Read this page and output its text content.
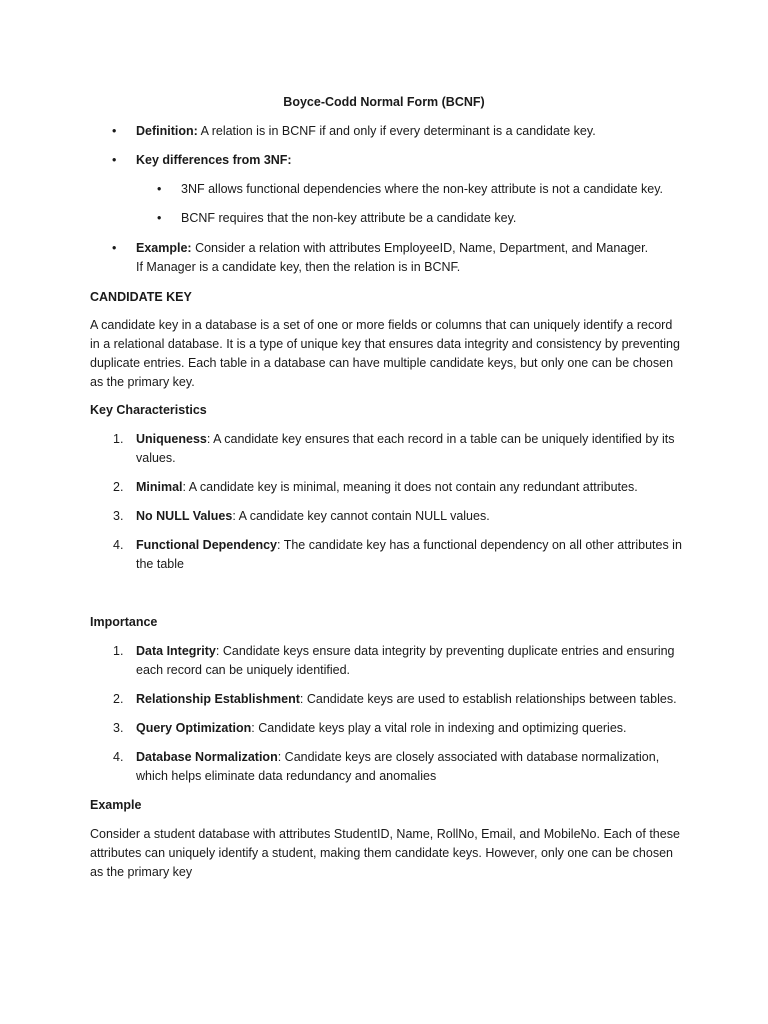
Boyce-Codd Normal Form (BCNF)
• Definition: A relation is in BCNF if and only if every determinant is a candidate key.
• Key differences from 3NF:
• 3NF allows functional dependencies where the non-key attribute is not a candidate key.
• BCNF requires that the non-key attribute be a candidate key.
• Example: Consider a relation with attributes EmployeeID, Name, Department, and Manager.
If Manager is a candidate key, then the relation is in BCNF.
CANDIDATE KEY
A candidate key in a database is a set of one or more fields or columns that can uniquely identify a record in a relational database. It is a type of unique key that ensures data integrity and consistency by preventing duplicate entries. Each table in a database can have multiple candidate keys, but only one can be chosen as the primary key.
Key Characteristics
1. Uniqueness: A candidate key ensures that each record in a table can be uniquely identified by its values.
2. Minimal: A candidate key is minimal, meaning it does not contain any redundant attributes.
3. No NULL Values: A candidate key cannot contain NULL values.
4. Functional Dependency: The candidate key has a functional dependency on all other attributes in the table
Importance
1. Data Integrity: Candidate keys ensure data integrity by preventing duplicate entries and ensuring each record can be uniquely identified.
2. Relationship Establishment: Candidate keys are used to establish relationships between tables.
3. Query Optimization: Candidate keys play a vital role in indexing and optimizing queries.
4. Database Normalization: Candidate keys are closely associated with database normalization, which helps eliminate data redundancy and anomalies
Example
Consider a student database with attributes StudentID, Name, RollNo, Email, and MobileNo. Each of these attributes can uniquely identify a student, making them candidate keys. However, only one can be chosen as the primary key
